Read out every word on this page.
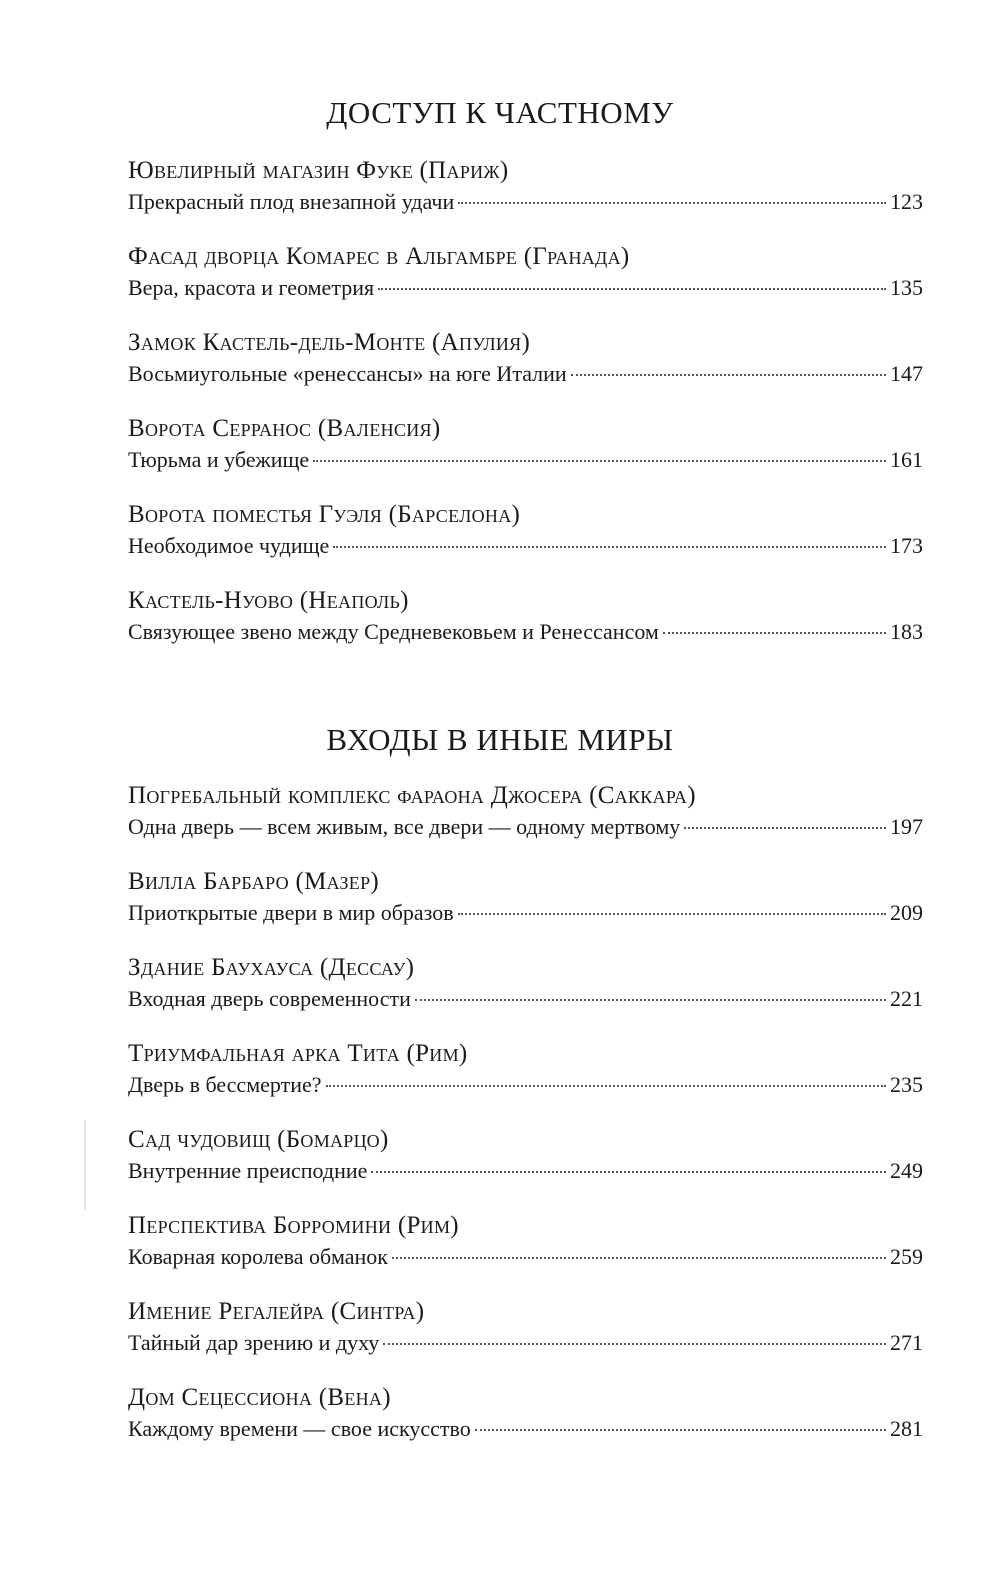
ДОСТУП К ЧАСТНОМУ
Ювелирный магазин Фуке (Париж)
Прекрасный плод внезапной удачи	123
Фасад дворца Комарес в Альгамбре (Гранада)
Вера, красота и геометрия	135
Замок Кастель-дель-Монте (Апулия)
Восьмиугольные «ренессансы» на юге Италии	147
Ворота Серранос (Валенсия)
Тюрьма и убежище	161
Ворота поместья Гуэля (Барселона)
Необходимое чудище	173
Кастель-Нуово (Неаполь)
Связующее звено между Средневековьем и Ренессансом	183
ВХОДЫ В ИНЫЕ МИРЫ
Погребальный комплекс фараона Джосера (Саккара)
Одна дверь — всем живым, все двери — одному мертвому	197
Вилла Барбаро (Мазер)
Приоткрытые двери в мир образов	209
Здание Баухауса (Дессау)
Входная дверь современности	221
Триумфальная арка Тита (Рим)
Дверь в бессмертие?	235
Сад чудовищ (Бомарцо)
Внутренние преисподние	249
Перспектива Борромини (Рим)
Коварная королева обманок	259
Имение Регалейра (Синтра)
Тайный дар зрению и духу	271
Дом Сецессиона (Вена)
Каждому времени — свое искусство	281
